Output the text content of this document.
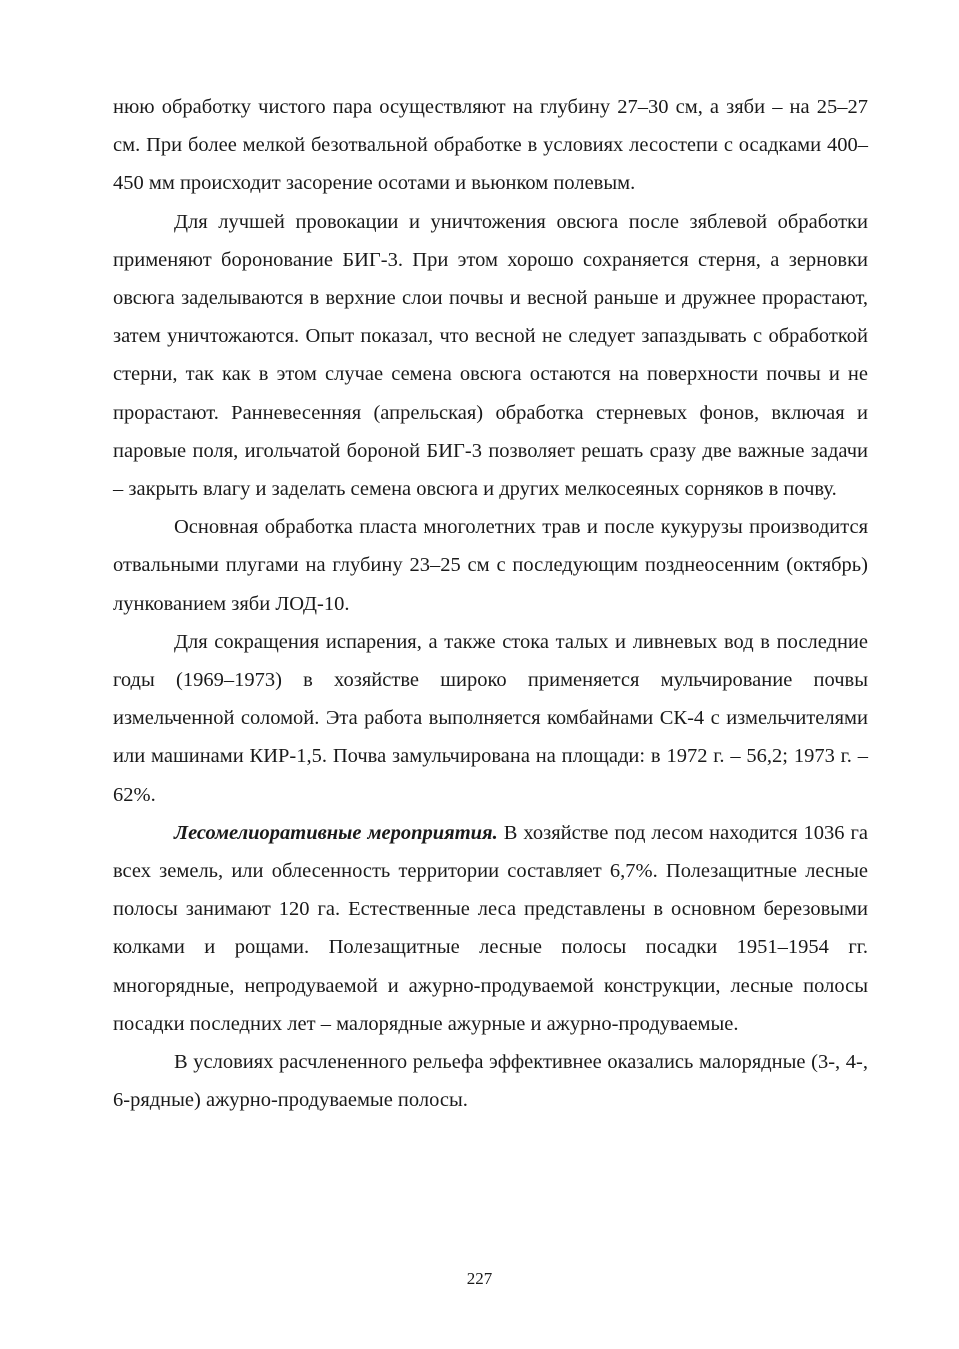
нюю обработку чистого пара осуществляют на глубину 27–30 см, а зяби – на 25–27 см. При более мелкой безотвальной обработке в условиях лесостепи с осадками 400–450 мм происходит засорение осотами и вьюнком полевым.

Для лучшей провокации и уничтожения овсюга после зяблевой обработки применяют боронование БИГ-3. При этом хорошо сохраняется стерня, а зерновки овсюга заделываются в верхние слои почвы и весной раньше и дружнее прорастают, затем уничтожаются. Опыт показал, что весной не следует запаздывать с обработкой стерни, так как в этом случае семена овсюга остаются на поверхности почвы и не прорастают. Ранневесенняя (апрельская) обработка стерневых фонов, включая и паровые поля, игольчатой бороной БИГ-3 позволяет решать сразу две важные задачи – закрыть влагу и заделать семена овсюга и других мелкосеяных сорняков в почву.

Основная обработка пласта многолетних трав и после кукурузы производится отвальными плугами на глубину 23–25 см с последующим позднеосенним (октябрь) лункованием зяби ЛОД-10.

Для сокращения испарения, а также стока талых и ливневых вод в последние годы (1969–1973) в хозяйстве широко применяется мульчирование почвы измельченной соломой. Эта работа выполняется комбайнами СК-4 с измельчителями или машинами КИР-1,5. Почва замульчирована на площади: в 1972 г. – 56,2; 1973 г. – 62%.

Лесомелиоративные мероприятия. В хозяйстве под лесом находится 1036 га всех земель, или облесенность территории составляет 6,7%. Полезащитные лесные полосы занимают 120 га. Естественные леса представлены в основном березовыми колками и рощами. Полезащитные лесные полосы посадки 1951–1954 гг. многорядные, непродуваемой и ажурно-продуваемой конструкции, лесные полосы посадки последних лет – малорядные ажурные и ажурно-продуваемые.

В условиях расчлененного рельефа эффективнее оказались малорядные (3-, 4-, 6-рядные) ажурно-продуваемые полосы.

227
